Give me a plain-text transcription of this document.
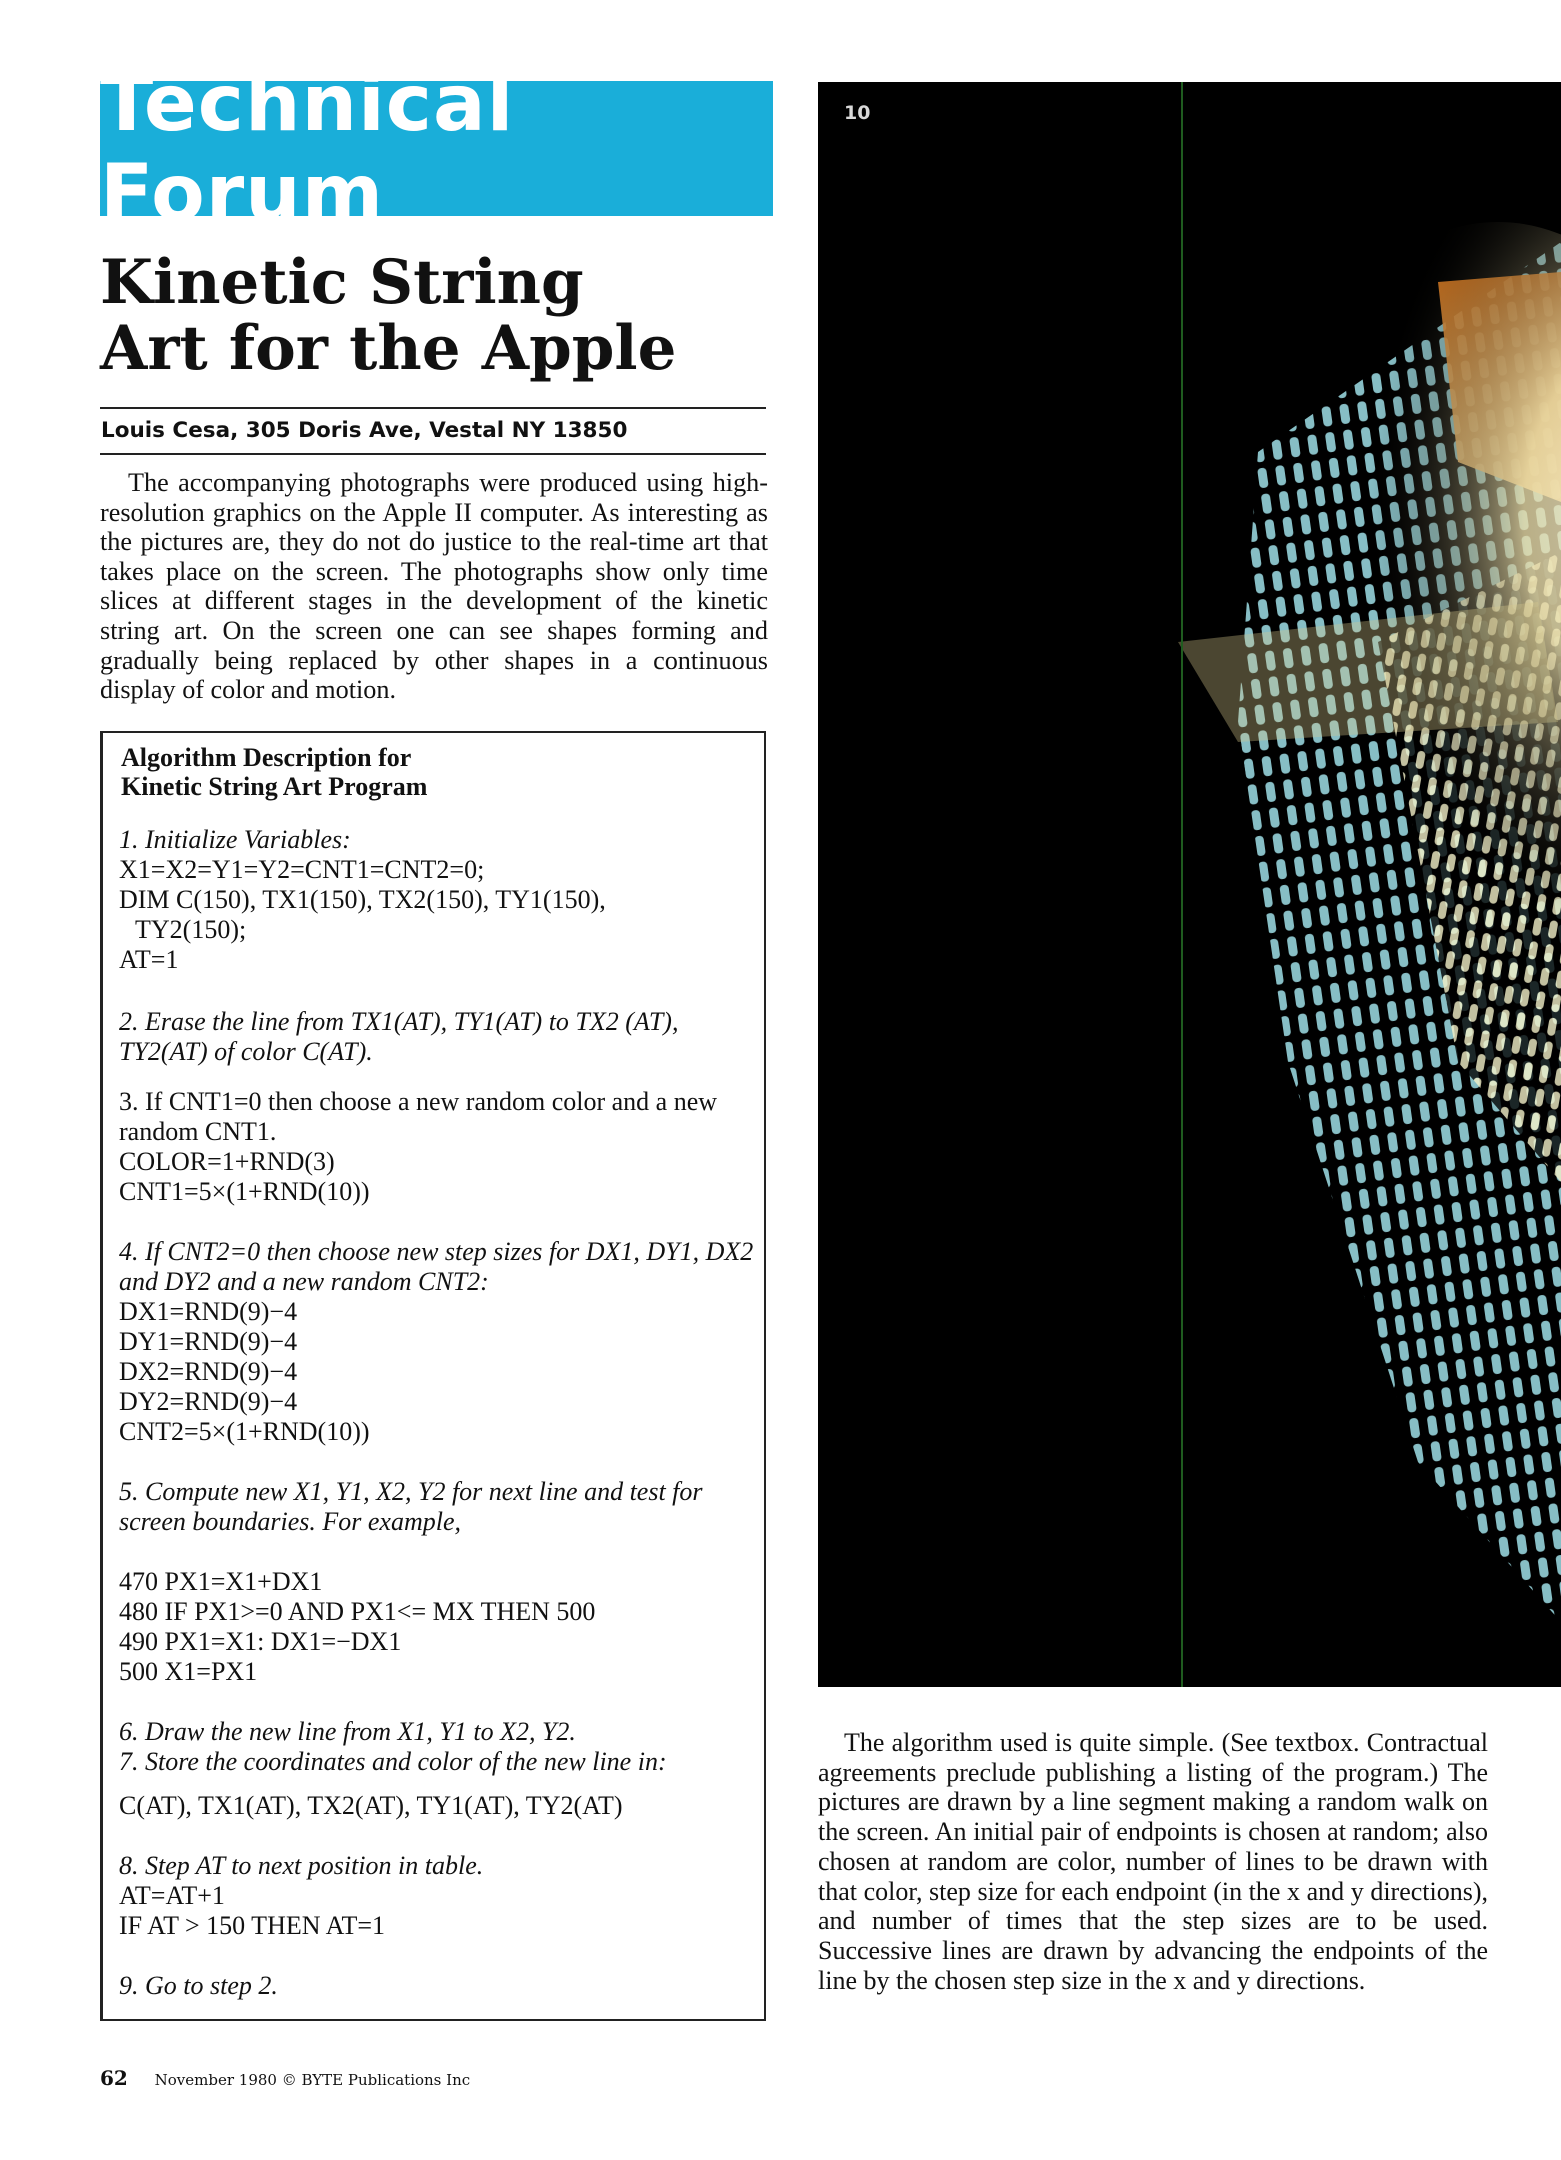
Technical Forum
Kinetic String
Art for the Apple
Louis Cesa, 305 Doris Ave, Vestal NY 13850

The accompanying photographs were produced using high-resolution graphics on the Apple II computer. As interesting as the pictures are, they do not do justice to the real-time art that takes place on the screen. The photographs show only time slices at different stages in the development of the kinetic string art. On the screen one can see shapes forming and gradually being replaced by other shapes in a continuous display of color and motion.

Algorithm Description for
Kinetic String Art Program
1. Initialize Variables:
X1=X2=Y1=Y2=CNT1=CNT2=0;
DIM C(150), TX1(150), TX2(150), TY1(150),
TY2(150);
AT=1
2. Erase the line from TX1(AT), TY1(AT) to TX2 (AT), TY2(AT) of color C(AT).
3. If CNT1=0 then choose a new random color and a new random CNT1.
COLOR=1+RND(3)
CNT1=5×(1+RND(10))
4. If CNT2=0 then choose new step sizes for DX1, DY1, DX2 and DY2 and a new random CNT2:
DX1=RND(9)−4
DY1=RND(9)−4
DX2=RND(9)−4
DY2=RND(9)−4
CNT2=5×(1+RND(10))
5. Compute new X1, Y1, X2, Y2 for next line and test for screen boundaries. For example,
470 PX1=X1+DX1
480 IF PX1>=0 AND PX1<= MX THEN 500
490 PX1=X1: DX1=−DX1
500 X1=PX1
6. Draw the new line from X1, Y1 to X2, Y2.
7. Store the coordinates and color of the new line in:
C(AT), TX1(AT), TX2(AT), TY1(AT), TY2(AT)
8. Step AT to next position in table.
AT=AT+1
IF AT > 150 THEN AT=1
9. Go to step 2.
10

The algorithm used is quite simple. (See textbox. Contractual agreements preclude publishing a listing of the program.) The pictures are drawn by a line segment making a random walk on the screen. An initial pair of endpoints is chosen at random; also chosen at random are color, number of lines to be drawn with that color, step size for each endpoint (in the x and y directions), and number of times that the step sizes are to be used. Successive lines are drawn by advancing the endpoints of the line by the chosen step size in the x and y directions.

62 November 1980 © BYTE Publications Inc
